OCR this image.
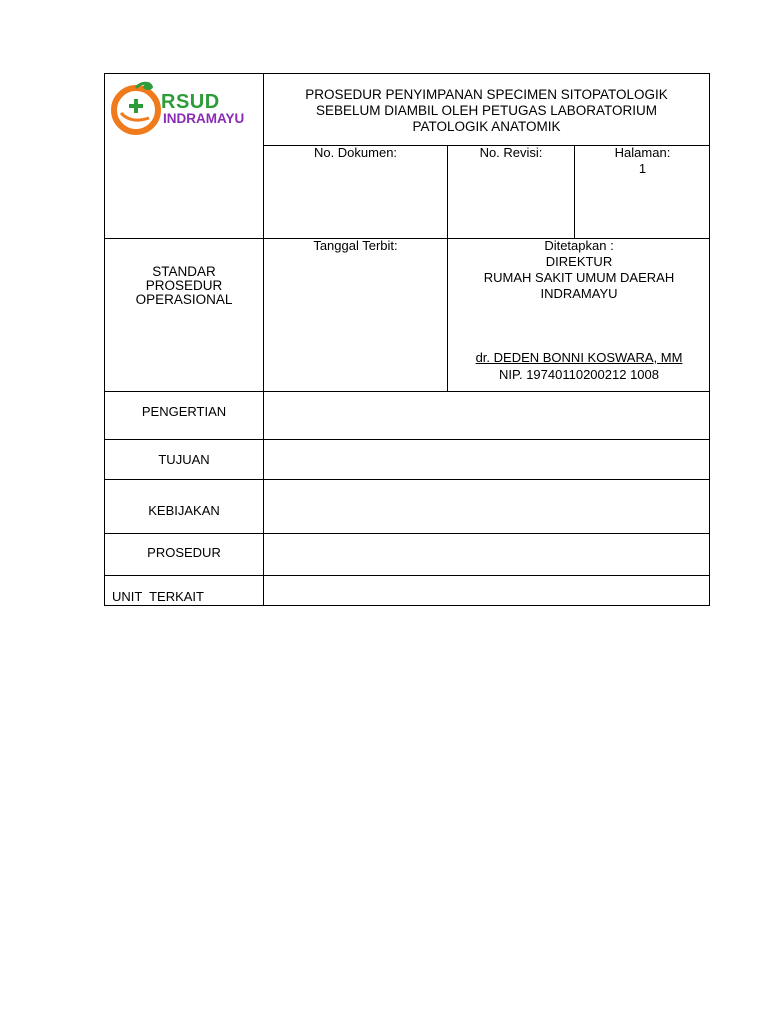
RSUD
INDRAMAYU
PROSEDUR PENYIMPANAN SPECIMEN SITOPATOLOGIK
SEBELUM DIAMBIL OLEH PETUGAS LABORATORIUM
PATOLOGIK ANATOMIK
No. Dokumen:	No. Revisi:	Halaman:
1
STANDAR
PROSEDUR
OPERASIONAL
Tanggal Terbit:	Ditetapkan :
DIREKTUR
RUMAH SAKIT UMUM DAERAH
INDRAMAYU
dr. DEDEN BONNI KOSWARA, MM
NIP. 19740110200212 1008
PENGERTIAN
TUJUAN
KEBIJAKAN
PROSEDUR
UNIT  TERKAIT
